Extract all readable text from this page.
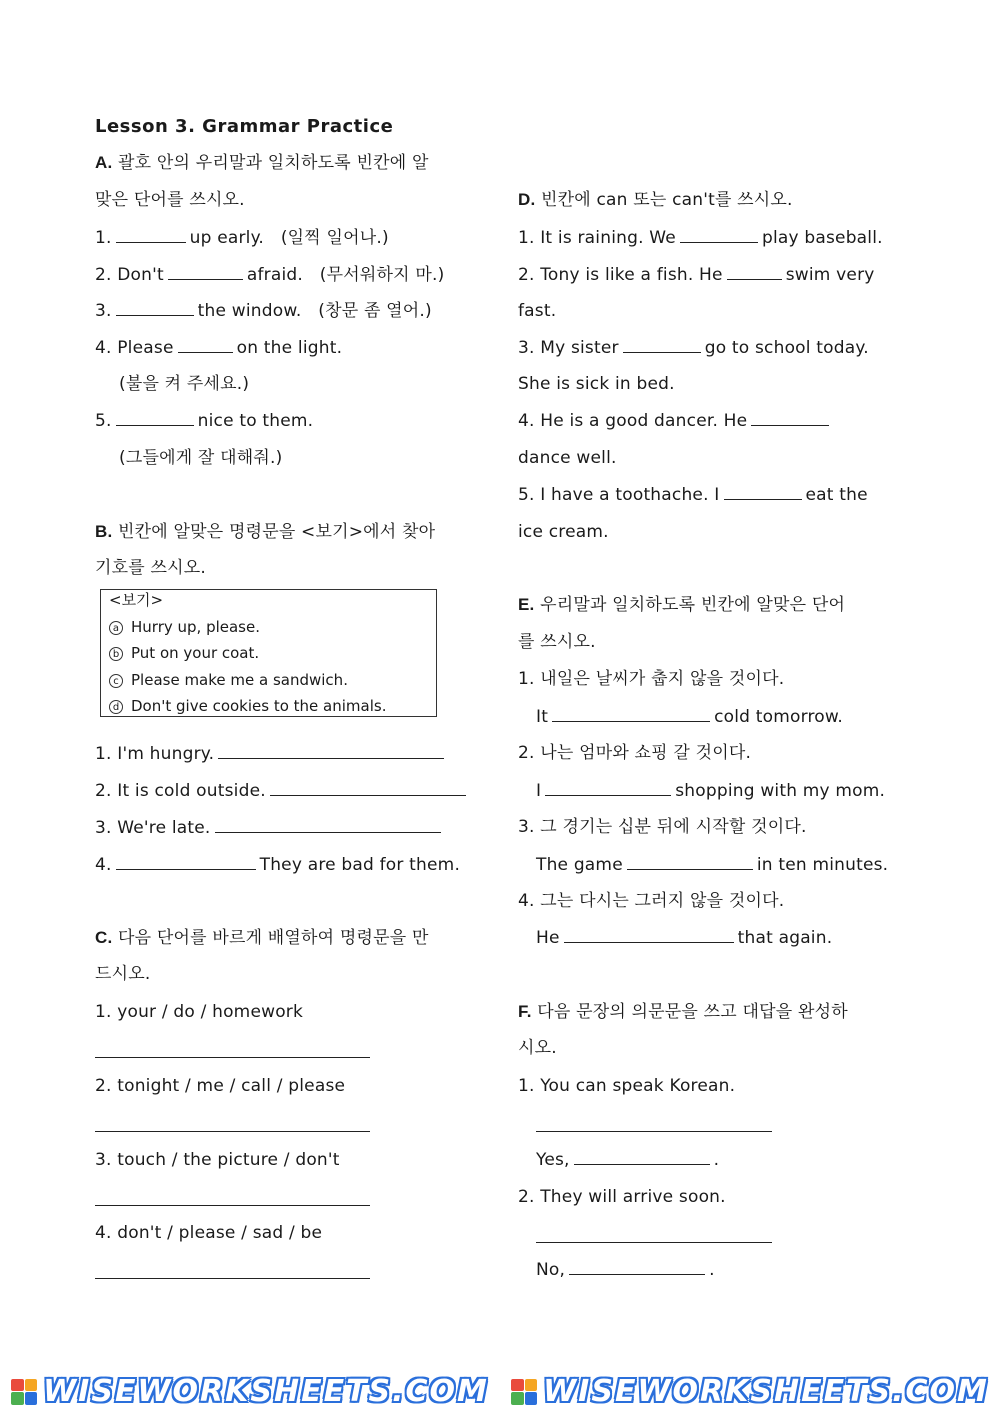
Lesson 3. Grammar Practice
A. 괄호 안의 우리말과 일치하도록 빈칸에 알
맞은 단어를 쓰시오.
1.	up early. (일찍 일어나.)
2. Don't	afraid. (무서워하지 마.)
3.	the window. (창문 좀 열어.)
4. Please	on the light.
(불을 켜 주세요.)
5.	nice to them.
(그들에게 잘 대해줘.)
B. 빈칸에 알맞은 명령문을 <보기>에서 찾아
기호를 쓰시오.
1. I'm hungry.
2. It is cold outside.
3. We're late.
4.	They are bad for them.
C. 다음 단어를 바르게 배열하여 명령문을 만
드시오.
1. your / do / homework
2. tonight / me / call / please
3. touch / the picture / don't
4. don't / please / sad / be
<보기>
a Hurry up, please.
b Put on your coat.
c Please make me a sandwich.
d Don't give cookies to the animals.
D. 빈칸에 can 또는 can't를 쓰시오.
1. It is raining. We	play baseball.
2. Tony is like a fish. He	swim very
fast.
3. My sister	go to school today.
She is sick in bed.
4. He is a good dancer. He
dance well.
5. I have a toothache. I	eat the
ice cream.
E. 우리말과 일치하도록 빈칸에 알맞은 단어
를 쓰시오.
1. 내일은 날씨가 춥지 않을 것이다.
It	cold tomorrow.
2. 나는 엄마와 쇼핑 갈 것이다.
I	shopping with my mom.
3. 그 경기는 십분 뒤에 시작할 것이다.
The game	in ten minutes.
4. 그는 다시는 그러지 않을 것이다.
He	that again.
F. 다음 문장의 의문문을 쓰고 대답을 완성하
시오.
1. You can speak Korean.
Yes,	.
2. They will arrive soon.
No,	.
WISEWORKSHEETS.COM WISEWORKSHEETS.COM
